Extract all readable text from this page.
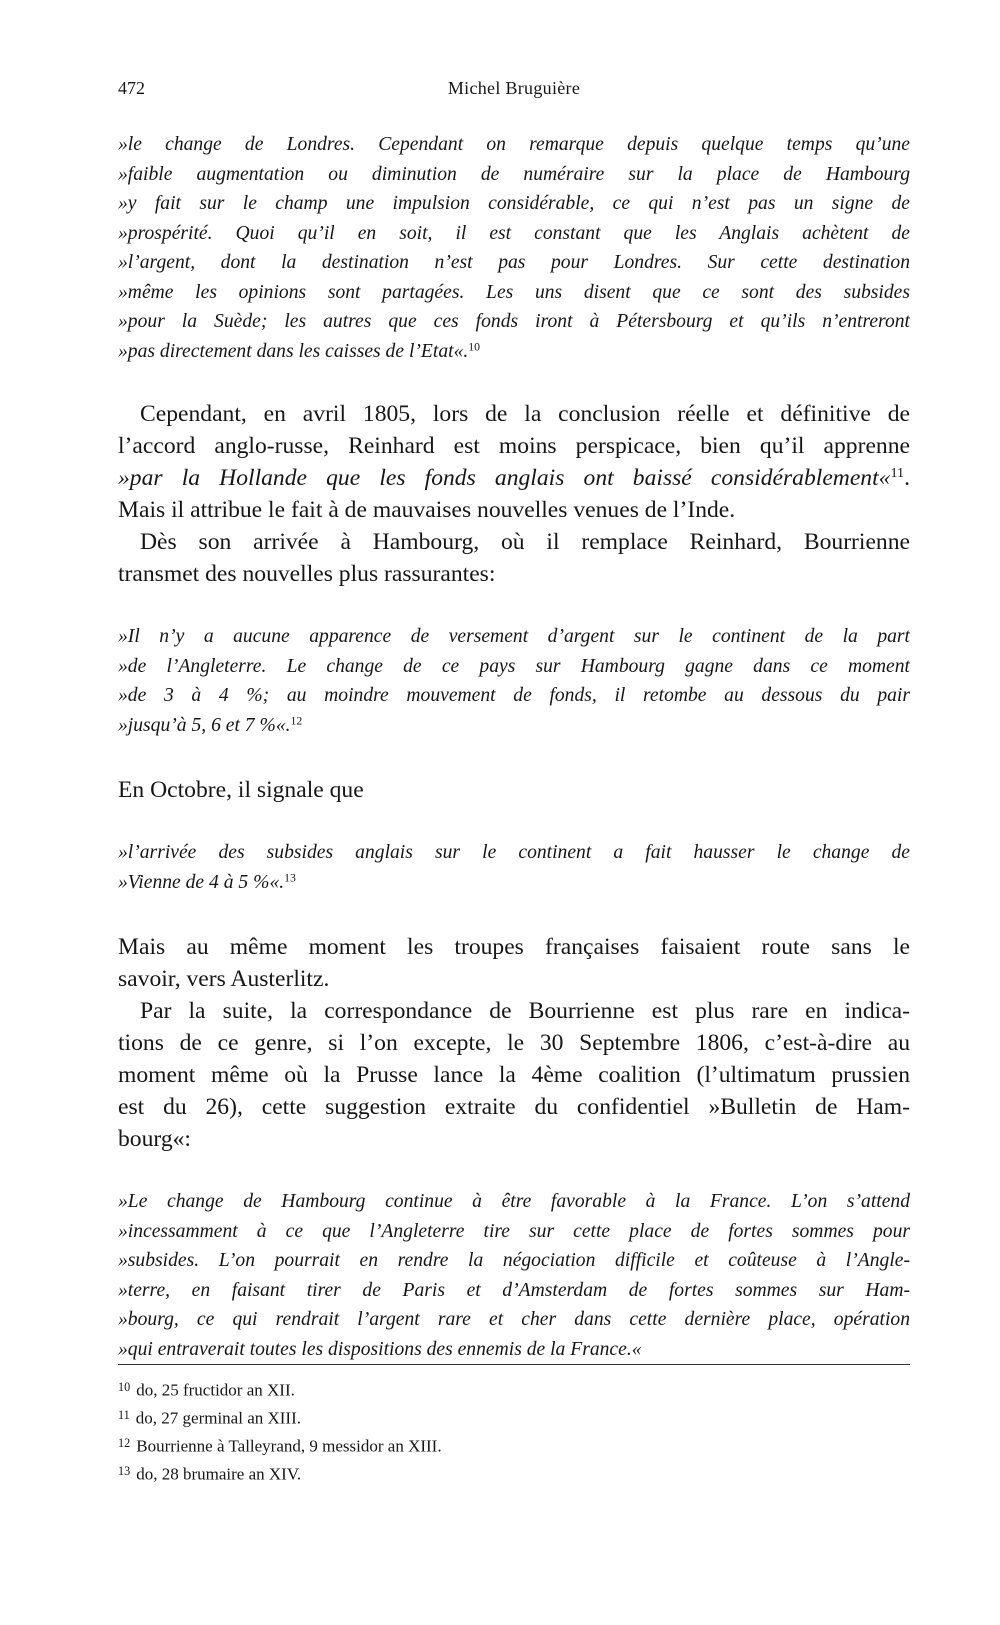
472	Michel Bruguière
»le change de Londres. Cependant on remarque depuis quelque temps qu’une
»faible augmentation ou diminution de numéraire sur la place de Hambourg
»y fait sur le champ une impulsion considérable, ce qui n’est pas un signe de
»prospérité. Quoi qu’il en soit, il est constant que les Anglais achètent de
»l’argent, dont la destination n’est pas pour Londres. Sur cette destination
»même les opinions sont partagées. Les uns disent que ce sont des subsides
»pour la Suède; les autres que ces fonds iront à Pétersbourg et qu’ils n’entreront
»pas directement dans les caisses de l’Etat«.$^{10}$
Cependant, en avril 1805, lors de la conclusion réelle et définitive de
l’accord anglo-russe, Reinhard est moins perspicace, bien qu’il apprenne
»par la Hollande que les fonds anglais ont baissé considérablement«$^{11}$.
Mais il attribue le fait à de mauvaises nouvelles venues de l’Inde.
Dès son arrivée à Hambourg, où il remplace Reinhard, Bourrienne
transmet des nouvelles plus rassurantes:
»Il n’y a aucune apparence de versement d’argent sur le continent de la part
»de l’Angleterre. Le change de ce pays sur Hambourg gagne dans ce moment
»de 3 à 4 %; au moindre mouvement de fonds, il retombe au dessous du pair
»jusqu’à 5, 6 et 7 %«.$^{12}$
En Octobre, il signale que
»l’arrivée des subsides anglais sur le continent a fait hausser le change de
»Vienne de 4 à 5 %«.$^{13}$
Mais au même moment les troupes françaises faisaient route sans le
savoir, vers Austerlitz.
Par la suite, la correspondance de Bourrienne est plus rare en indica-
tions de ce genre, si l’on excepte, le 30 Septembre 1806, c’est-à-dire au
moment même où la Prusse lance la 4ème coalition (l’ultimatum prussien
est du 26), cette suggestion extraite du confidentiel »Bulletin de Ham-
bourg«:
»Le change de Hambourg continue à être favorable à la France. L’on s’attend
»incessamment à ce que l’Angleterre tire sur cette place de fortes sommes pour
»subsides. L’on pourrait en rendre la négociation difficile et coûteuse à l’Angle-
»terre, en faisant tirer de Paris et d’Amsterdam de fortes sommes sur Ham-
»bourg, ce qui rendrait l’argent rare et cher dans cette dernière place, opération
»qui entraverait toutes les dispositions des ennemis de la France.«
$^{10}$ do, 25 fructidor an XII.
$^{11}$ do, 27 germinal an XIII.
$^{12}$ Bourrienne à Talleyrand, 9 messidor an XIII.
$^{13}$ do, 28 brumaire an XIV.
